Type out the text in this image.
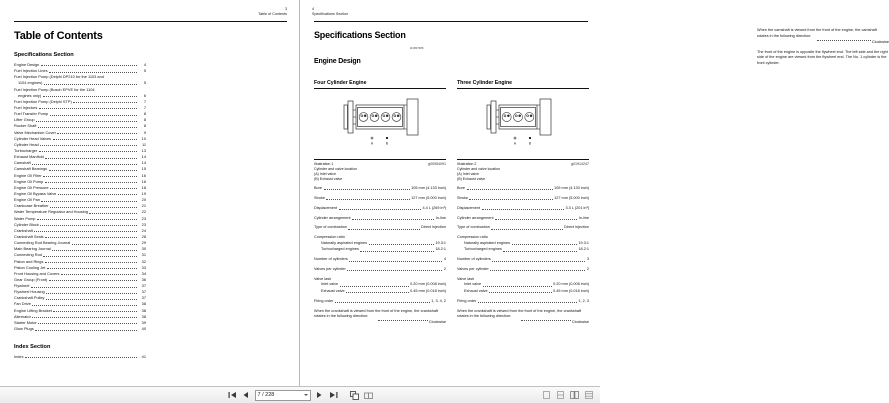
3
Table of Contents
Table of Contents
Specifications Section
Engine Design	4
Fuel Injection Lines	5
Fuel Injection Pump (Delphi DP210 for the 1103 and
1104 engines)	5
Fuel Injection Pump (Bosch EPVE for the 1104
engines only)	6
Fuel Injection Pump (Delphi STP)	7
Fuel Injectors	7
Fuel Transfer Pump	8
Lifter Group	8
Rocker Shaft	8
Valve Mechanism Cover	9
Cylinder Head Valves	10
Cylinder Head	11
Turbocharger	13
Exhaust Manifold	14
Camshaft	14
Camshaft Bearings	15
Engine Oil Filter	16
Engine Oil Pump	16
Engine Oil Pressure	18
Engine Oil Bypass Valve	19
Engine Oil Pan	20
Crankcase Breather	21
Water Temperature Regulator and Housing	22
Water Pump	23
Cylinder Block	23
Crankshaft	24
Crankshaft Seals	28
Connecting Rod Bearing Journal	29
Main Bearing Journal	30
Connecting Rod	31
Piston and Rings	32
Piston Cooling Jet	33
Front Housing and Covers	34
Gear Group (Front)	36
Flywheel	37
Flywheel Housing	37
Crankshaft Pulley	37
Fan Drive	38
Engine Lifting Bracket	38
Alternator	38
Starter Motor	39
Glow Plugs	40
Index Section
Index	41
4
Specifications Section
Specifications Section
Engine Design
i01657386

When the camshaft is viewed from the front of the engine, the camshaft rotates in the following direction:

Clockwise

The front of the engine is opposite the flywheel end. The left side and the right side of the engine are viewed from the flywheel end. The No. 1 cylinder is the front cylinder.

Four Cylinder Engine
A	B
Illustration 1	g00954091
Cylinder and valve location
(A) Inlet valve
(B) Exhaust valve
Bore	105 mm (4.133 inch)
Stroke	127 mm (5.000 inch)
Displacement	4.4 L (269 in³)
Cylinder arrangement	In-line
Type of combustion	Direct injection
Compression ratio
Naturally aspirated engines	19.3:1
Turbocharged engines	18.2:1
Number of cylinders	4
Valves per cylinder	2
Valve lash
Inlet valve	0.20 mm (0.008 inch)
Exhaust valve	0.45 mm (0.018 inch)
Firing order	1, 3, 4, 2
When the crankshaft is viewed from the front of the engine, the crankshaft rotates in the following direction:
Clockwise
Three Cylinder Engine
A	B
Illustration 2	g01914247
Cylinder and valve location
(A) Inlet valve
(B) Exhaust valve
Bore	105 mm (4.133 inch)
Stroke	127 mm (5.000 inch)
Displacement	3.3 L (201 in³)
Cylinder arrangement	In-line
Type of combustion	Direct injection
Compression ratio
Naturally aspirated engines	19.3:1
Turbocharged engines	18.2:1
Number of cylinders	3
Valves per cylinder	2
Valve lash
Inlet valve	0.20 mm (0.008 inch)
Exhaust valve	0.45 mm (0.018 inch)
Firing order	1, 2, 3
When the crankshaft is viewed from the front of the engine, the crankshaft rotates in the following direction:
Clockwise
7 / 228
